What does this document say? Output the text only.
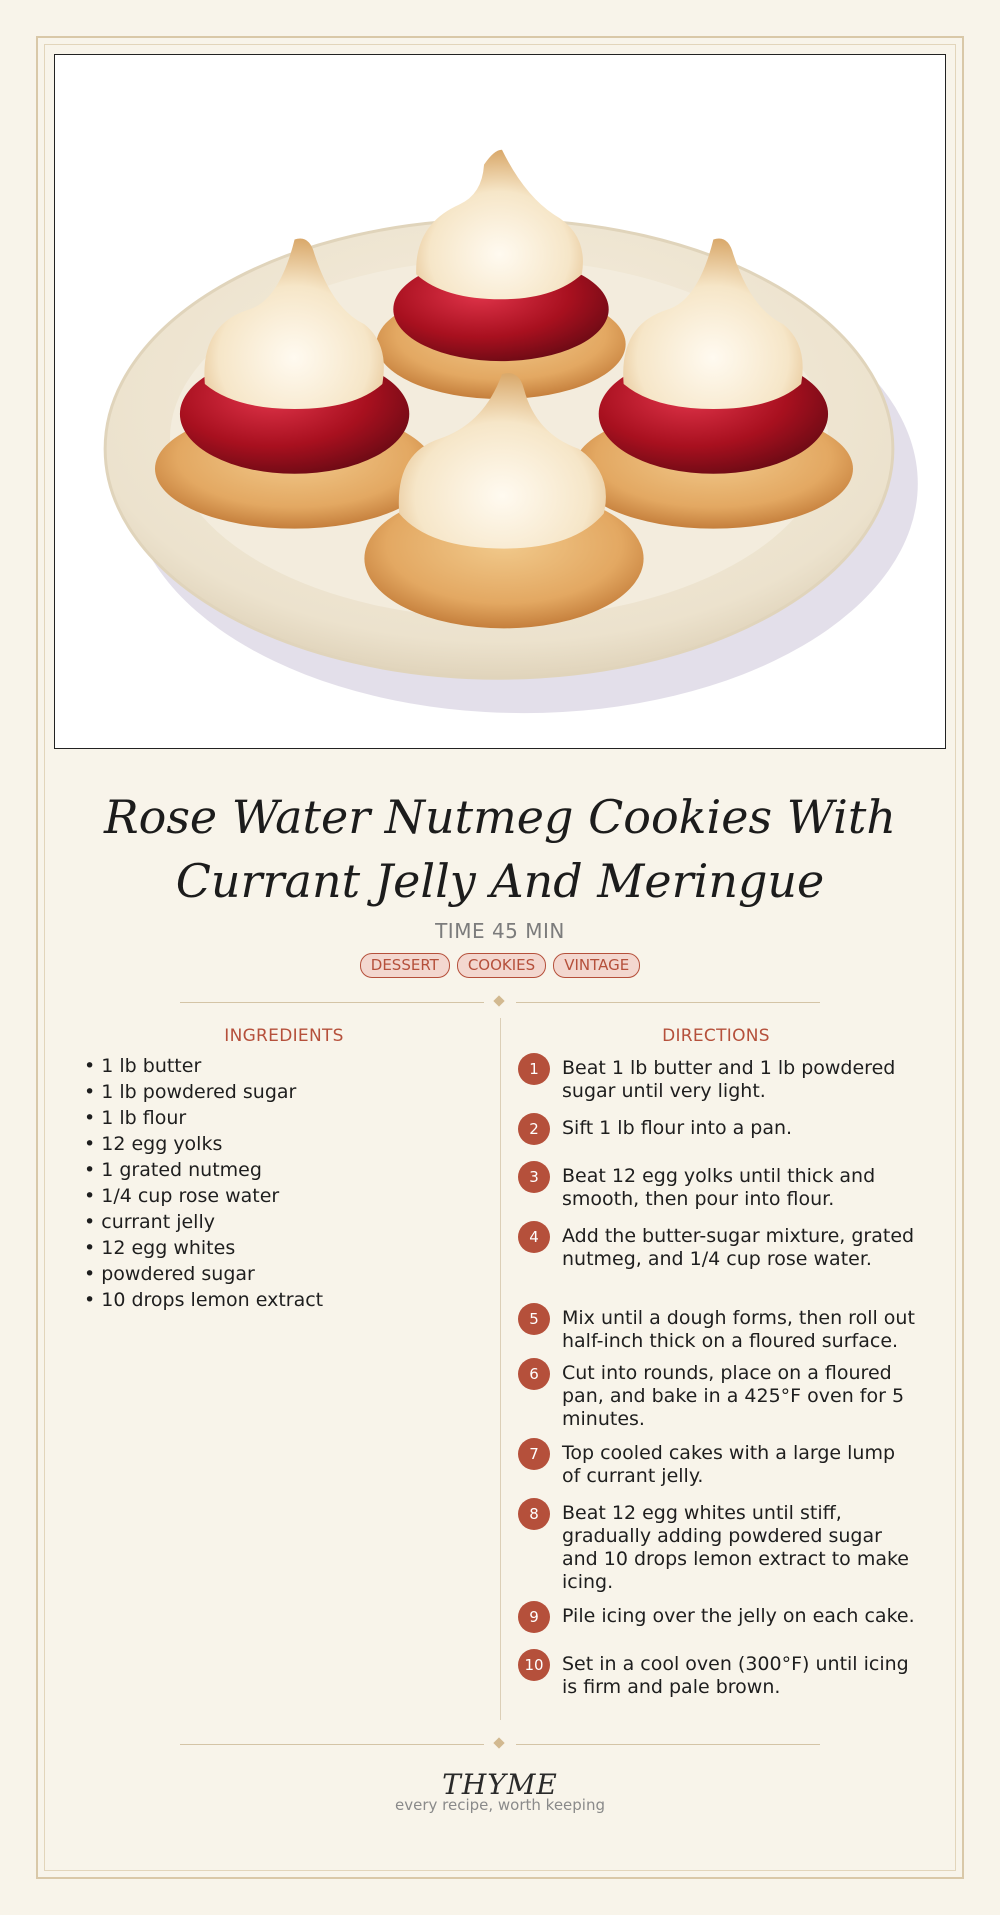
Rose Water Nutmeg Cookies With Currant Jelly And Meringue
TIME 45 MIN
DESSERT	COOKIES	VINTAGE
INGREDIENTS	DIRECTIONS
• 1 lb butter
• 1 lb powdered sugar
• 1 lb flour
• 12 egg yolks
• 1 grated nutmeg
• 1/4 cup rose water
• currant jelly
• 12 egg whites
• powdered sugar
• 10 drops lemon extract
1	Beat 1 lb butter and 1 lb powdered sugar until very light.
2	Sift 1 lb flour into a pan.
3	Beat 12 egg yolks until thick and smooth, then pour into flour.
4	Add the butter-sugar mixture, grated nutmeg, and 1/4 cup rose water.
5	Mix until a dough forms, then roll out half-inch thick on a floured surface.
6	Cut into rounds, place on a floured pan, and bake in a 425°F oven for 5 minutes.
7	Top cooled cakes with a large lump of currant jelly.
8	Beat 12 egg whites until stiff, gradually adding powdered sugar and 10 drops lemon extract to make icing.
9	Pile icing over the jelly on each cake.
10 Set in a cool oven (300°F) until icing is firm and pale brown.
THYME
every recipe, worth keeping
